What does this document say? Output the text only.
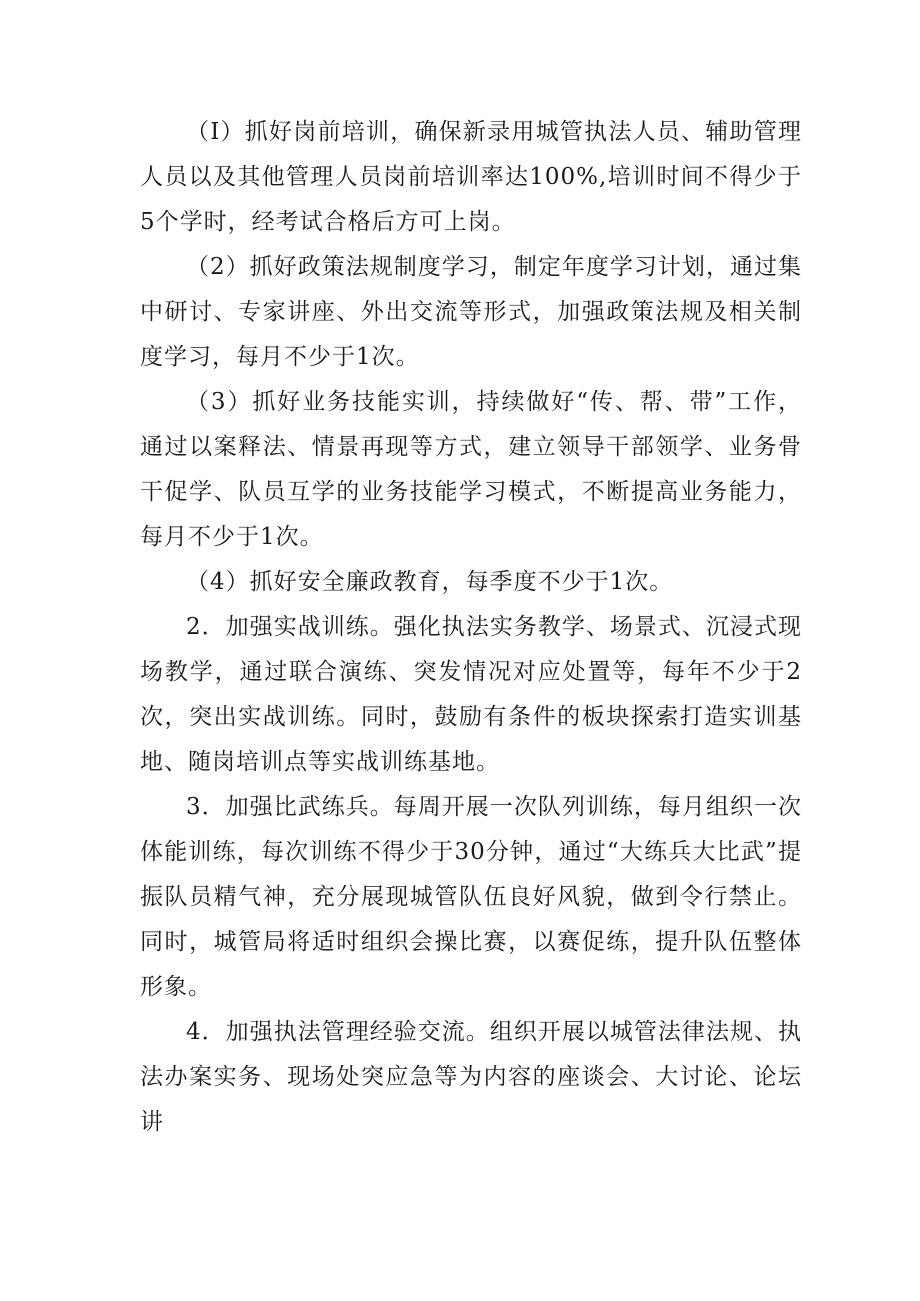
（I）抓好岗前培训，确保新录用城管执法人员、辅助管理人员以及其他管理人员岗前培训率达100%,培训时间不得少于5个学时，经考试合格后方可上岗。

（2）抓好政策法规制度学习，制定年度学习计划，通过集中研讨、专家讲座、外出交流等形式，加强政策法规及相关制度学习，每月不少于1次。

（3）抓好业务技能实训，持续做好“传、帮、带”工作，通过以案释法、情景再现等方式，建立领导干部领学、业务骨干促学、队员互学的业务技能学习模式，不断提高业务能力，每月不少于1次。

（4）抓好安全廉政教育，每季度不少于1次。

2．加强实战训练。强化执法实务教学、场景式、沉浸式现场教学，通过联合演练、突发情况对应处置等，每年不少于2次，突出实战训练。同时，鼓励有条件的板块探索打造实训基地、随岗培训点等实战训练基地。

3．加强比武练兵。每周开展一次队列训练，每月组织一次体能训练，每次训练不得少于30分钟，通过“大练兵大比武”提振队员精气神，充分展现城管队伍良好风貌，做到令行禁止。同时，城管局将适时组织会操比赛，以赛促练，提升队伍整体形象。

4．加强执法管理经验交流。组织开展以城管法律法规、执法办案实务、现场处突应急等为内容的座谈会、大讨论、论坛讲
